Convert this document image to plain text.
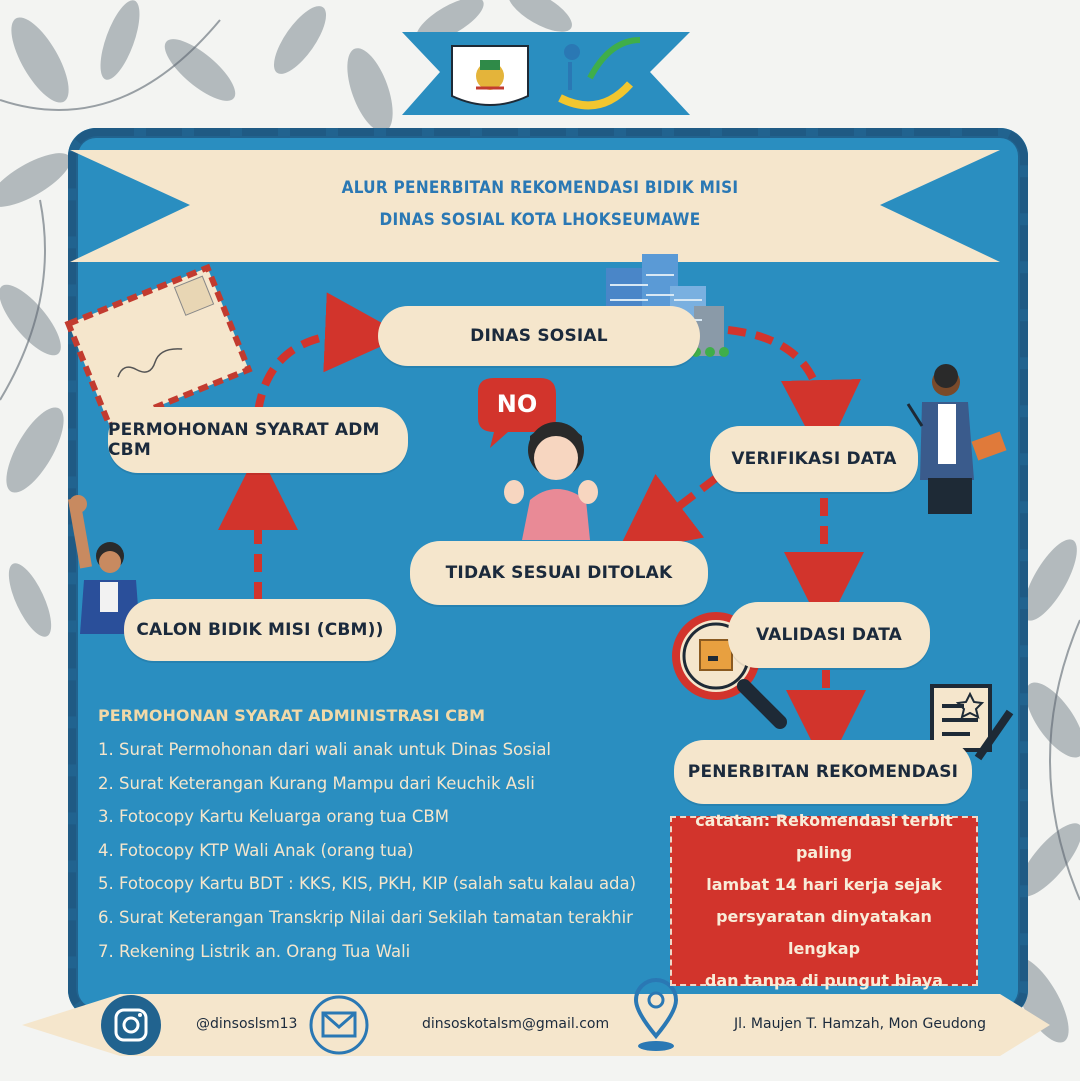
ALUR PENERBITAN REKOMENDASI BIDIK MISI
DINAS SOSIAL KOTA LHOKSEUMAWE
DINAS SOSIAL
PERMOHONAN SYARAT ADM CBM	VERIFIKASI DATA
TIDAK SESUAI DITOLAK
CALON BIDIK MISI (CBM))	VALIDASI DATA
PENERBITAN REKOMENDASI
NO
PERMOHONAN SYARAT ADMINISTRASI CBM
1. Surat Permohonan dari wali anak untuk Dinas Sosial
2. Surat Keterangan Kurang Mampu dari Keuchik Asli
3. Fotocopy Kartu Keluarga orang tua CBM
4. Fotocopy KTP Wali Anak (orang tua)
5. Fotocopy Kartu BDT : KKS, KIS, PKH, KIP (salah satu kalau ada)
6. Surat Keterangan Transkrip Nilai dari Sekilah tamatan terakhir
7. Rekening Listrik an. Orang Tua Wali
catatan: Rekomendasi terbit paling
lambat 14 hari kerja sejak
persyaratan dinyatakan lengkap
dan tanpa di pungut biaya
@dinsoslsm13	dinsoskotalsm@gmail.com	Jl. Maujen T. Hamzah, Mon Geudong
